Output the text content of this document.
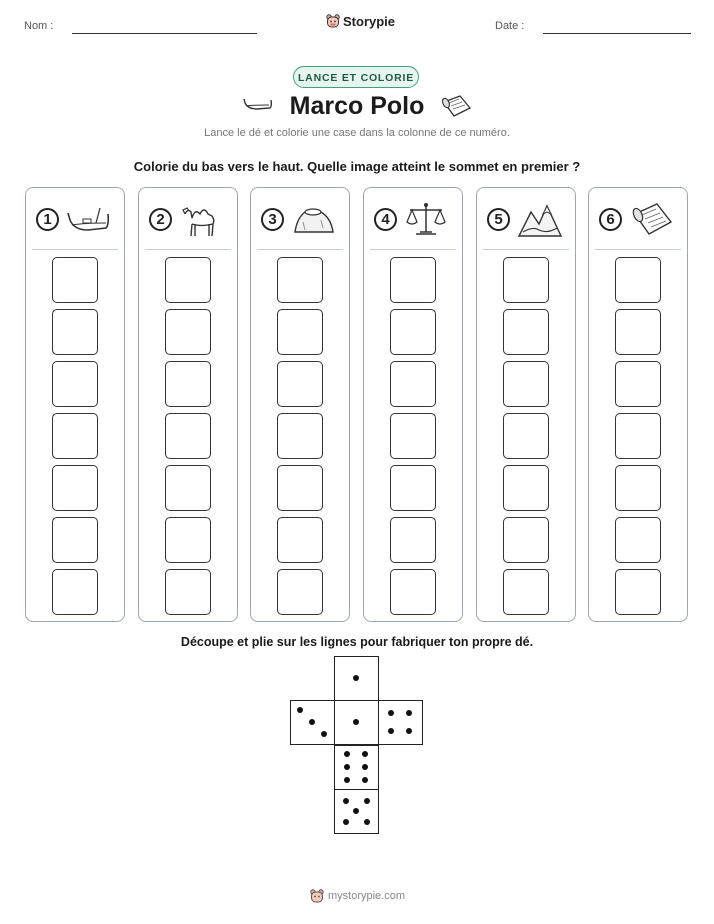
Nom :	Storypie	Date :
LANCE ET COLORIE
Marco Polo
Lance le dé et colorie une case dans la colonne de ce numéro.
Colorie du bas vers le haut. Quelle image atteint le sommet en premier ?
1	2	3	4	5	6
Découpe et plie sur les lignes pour fabriquer ton propre dé.
mystorypie.com
